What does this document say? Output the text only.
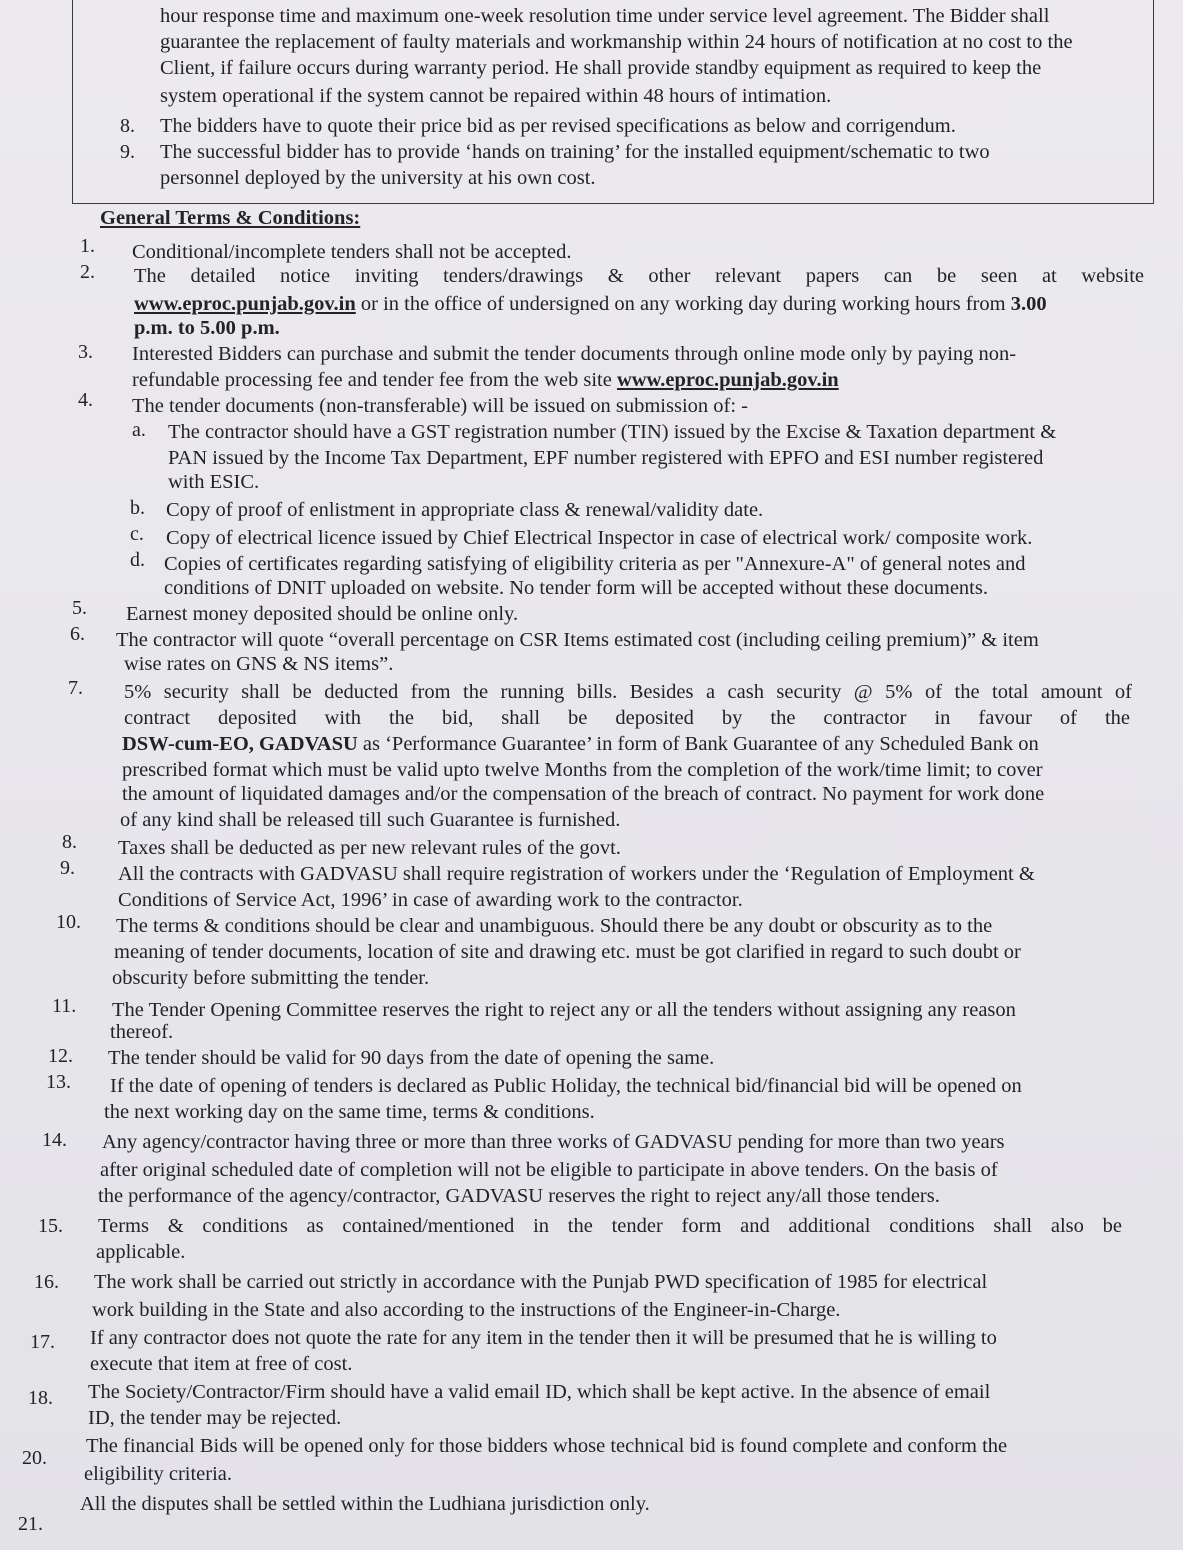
hour response time and maximum one-week resolution time under service level agreement. The Bidder shall
guarantee the replacement of faulty materials and workmanship within 24 hours of notification at no cost to the
Client, if failure occurs during warranty period. He shall provide standby equipment as required to keep the
system operational if the system cannot be repaired within 48 hours of intimation.
8. The bidders have to quote their price bid as per revised specifications as below and corrigendum.
9. The successful bidder has to provide ‘hands on training’ for the installed equipment/schematic to two
personnel deployed by the university at his own cost.
General Terms & Conditions:
1. Conditional/incomplete tenders shall not be accepted.
2. The detailed notice inviting tenders/drawings & other relevant papers can be seen at website
www.eproc.punjab.gov.in or in the office of undersigned on any working day during working hours from 3.00
p.m. to 5.00 p.m.
3. Interested Bidders can purchase and submit the tender documents through online mode only by paying non-
refundable processing fee and tender fee from the web site www.eproc.punjab.gov.in
4. The tender documents (non-transferable) will be issued on submission of: -
a. The contractor should have a GST registration number (TIN) issued by the Excise & Taxation department &
PAN issued by the Income Tax Department, EPF number registered with EPFO and ESI number registered
with ESIC.
b. Copy of proof of enlistment in appropriate class & renewal/validity date.
c. Copy of electrical licence issued by Chief Electrical Inspector in case of electrical work/ composite work.
d. Copies of certificates regarding satisfying of eligibility criteria as per "Annexure-A" of general notes and
conditions of DNIT uploaded on website. No tender form will be accepted without these documents.
5. Earnest money deposited should be online only.
6. The contractor will quote “overall percentage on CSR Items estimated cost (including ceiling premium)” & item
wise rates on GNS & NS items”.
7. 5% security shall be deducted from the running bills. Besides a cash security @ 5% of the total amount of
contract deposited with the bid, shall be deposited by the contractor in favour of the
DSW-cum-EO, GADVASU as ‘Performance Guarantee’ in form of Bank Guarantee of any Scheduled Bank on
prescribed format which must be valid upto twelve Months from the completion of the work/time limit; to cover
the amount of liquidated damages and/or the compensation of the breach of contract. No payment for work done
of any kind shall be released till such Guarantee is furnished.
8. Taxes shall be deducted as per new relevant rules of the govt.
9. All the contracts with GADVASU shall require registration of workers under the ‘Regulation of Employment &
Conditions of Service Act, 1996’ in case of awarding work to the contractor.
10. The terms & conditions should be clear and unambiguous. Should there be any doubt or obscurity as to the
meaning of tender documents, location of site and drawing etc. must be got clarified in regard to such doubt or
obscurity before submitting the tender.
11. The Tender Opening Committee reserves the right to reject any or all the tenders without assigning any reason
thereof.
12. The tender should be valid for 90 days from the date of opening the same.
13. If the date of opening of tenders is declared as Public Holiday, the technical bid/financial bid will be opened on
the next working day on the same time, terms & conditions.
14. Any agency/contractor having three or more than three works of GADVASU pending for more than two years
after original scheduled date of completion will not be eligible to participate in above tenders. On the basis of
the performance of the agency/contractor, GADVASU reserves the right to reject any/all those tenders.
15. Terms & conditions as contained/mentioned in the tender form and additional conditions shall also be
applicable.
16. The work shall be carried out strictly in accordance with the Punjab PWD specification of 1985 for electrical
work building in the State and also according to the instructions of the Engineer-in-Charge.
17. If any contractor does not quote the rate for any item in the tender then it will be presumed that he is willing to
execute that item at free of cost.
18. The Society/Contractor/Firm should have a valid email ID, which shall be kept active. In the absence of email
ID, the tender may be rejected.
20.
The financial Bids will be opened only for those bidders whose technical bid is found complete and conform the
eligibility criteria.
21.
All the disputes shall be settled within the Ludhiana jurisdiction only.
